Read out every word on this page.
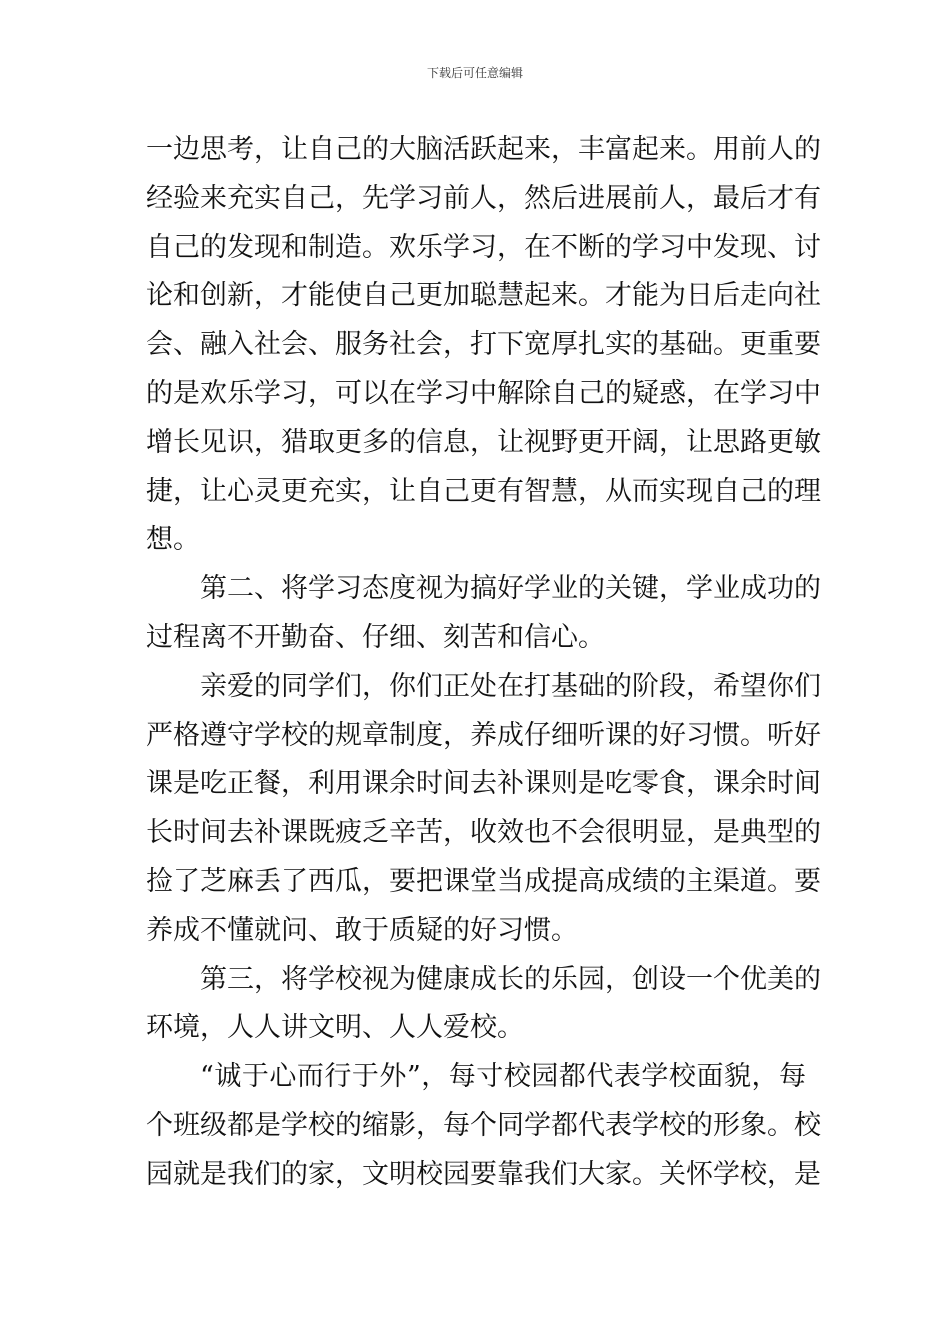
下载后可任意编辑
一边思考，让自己的大脑活跃起来，丰富起来。用前人的
经验来充实自己，先学习前人，然后进展前人，最后才有
自己的发现和制造。欢乐学习，在不断的学习中发现、讨
论和创新，才能使自己更加聪慧起来。才能为日后走向社
会、融入社会、服务社会，打下宽厚扎实的基础。更重要
的是欢乐学习，可以在学习中解除自己的疑惑，在学习中
增长见识，猎取更多的信息，让视野更开阔，让思路更敏
捷，让心灵更充实，让自己更有智慧，从而实现自己的理
想。
第二、将学习态度视为搞好学业的关键，学业成功的
过程离不开勤奋、仔细、刻苦和信心。
亲爱的同学们，你们正处在打基础的阶段，希望你们
严格遵守学校的规章制度，养成仔细听课的好习惯。听好
课是吃正餐，利用课余时间去补课则是吃零食，课余时间
长时间去补课既疲乏辛苦，收效也不会很明显，是典型的
捡了芝麻丢了西瓜，要把课堂当成提高成绩的主渠道。要
养成不懂就问、敢于质疑的好习惯。
第三，将学校视为健康成长的乐园，创设一个优美的
环境，人人讲文明、人人爱校。
“诚于心而行于外”，每寸校园都代表学校面貌，每
个班级都是学校的缩影，每个同学都代表学校的形象。校
园就是我们的家，文明校园要靠我们大家。关怀学校，是
